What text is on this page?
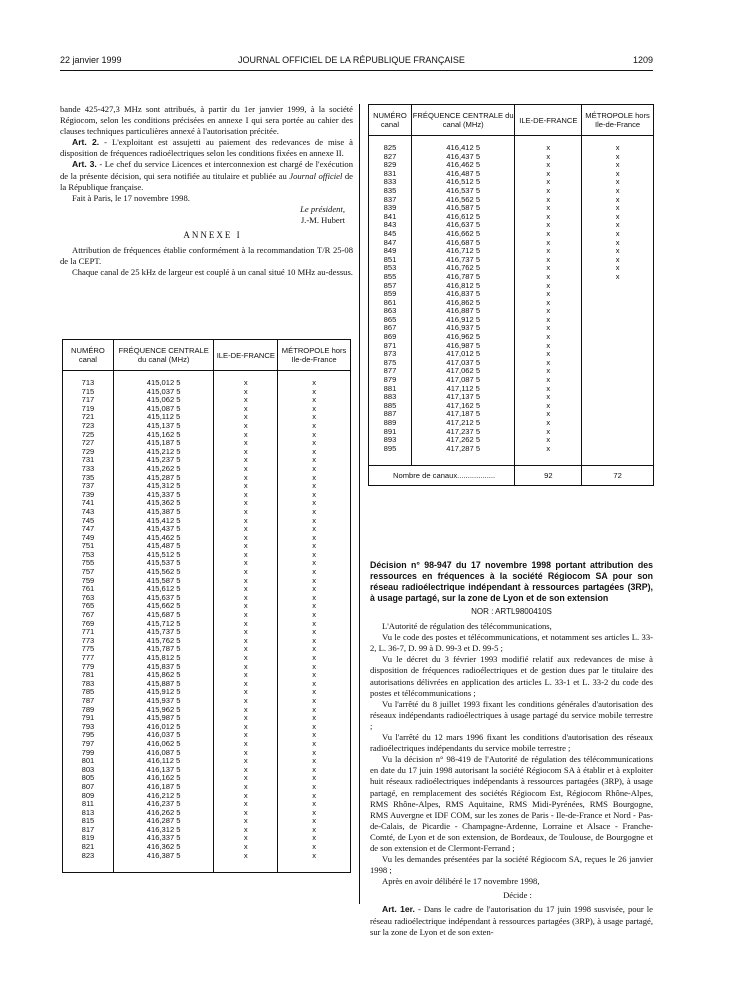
22 janvier 1999	JOURNAL OFFICIEL DE LA RÉPUBLIQUE FRANÇAISE	1209

bande 425-427,3 MHz sont attribués, à partir du 1er janvier 1999, à la société Régiocom, selon les conditions précisées en annexe I qui sera portée au cahier des clauses techniques particulières annexé à l'autorisation précitée.

Art. 2. - L'exploitant est assujetti au paiement des redevances de mise à disposition de fréquences radioélectriques selon les conditions fixées en annexe II.

Art. 3. - Le chef du service Licences et interconnexion est chargé de l'exécution de la présente décision, qui sera notifiée au titulaire et publiée au Journal officiel de la République française.

Fait à Paris, le 17 novembre 1998.

Le président,

J.-M. Hubert

ANNEXE I

Attribution de fréquences établie conformément à la recommandation T/R 25-08 de la CEPT.

Chaque canal de 25 kHz de largeur est couplé à un canal situé 10 MHz au-dessus.

NUMÉRO canal	FRÉQUENCE CENTRALE du canal (MHz)	ILE-DE-FRANCE	MÉTROPOLE hors Ile-de-France

713	415,012 5	x	x
715	415,037 5	x	x
717	415,062 5	x	x
719	415,087 5	x	x
721	415,112 5	x	x
723	415,137 5	x	x
725	415,162 5	x	x
727	415,187 5	x	x
729	415,212 5	x	x
731	415,237 5	x	x
733	415,262 5	x	x
735	415,287 5	x	x
737	415,312 5	x	x
739	415,337 5	x	x
741	415,362 5	x	x
743	415,387 5	x	x
745	415,412 5	x	x
747	415,437 5	x	x
749	415,462 5	x	x
751	415,487 5	x	x
753	415,512 5	x	x
755	415,537 5	x	x
757	415,562 5	x	x
759	415,587 5	x	x
761	415,612 5	x	x
763	415,637 5	x	x
765	415,662 5	x	x
767	415,687 5	x	x
769	415,712 5	x	x
771	415,737 5	x	x
773	415,762 5	x	x
775	415,787 5	x	x
777	415,812 5	x	x
779	415,837 5	x	x
781	415,862 5	x	x
783	415,887 5	x	x
785	415,912 5	x	x
787	415,937 5	x	x
789	415,962 5	x	x
791	415,987 5	x	x
793	416,012 5	x	x
795	416,037 5	x	x
797	416,062 5	x	x
799	416,087 5	x	x
801	416,112 5	x	x
803	416,137 5	x	x
805	416,162 5	x	x
807	416,187 5	x	x
809	416,212 5	x	x
811	416,237 5	x	x
813	416,262 5	x	x
815	416,287 5	x	x
817	416,312 5	x	x
819	416,337 5	x	x
821	416,362 5	x	x
823	416,387 5	x	x

NUMÉRO canal	FRÉQUENCE CENTRALE du canal (MHz)	ILE-DE-FRANCE	MÉTROPOLE hors Ile-de-France

825	416,412 5	x	x
827	416,437 5	x	x
829	416,462 5	x	x
831	416,487 5	x	x
833	416,512 5	x	x
835	416,537 5	x	x
837	416,562 5	x	x
839	416,587 5	x	x
841	416,612 5	x	x
843	416,637 5	x	x
845	416,662 5	x	x
847	416,687 5	x	x
849	416,712 5	x	x
851	416,737 5	x	x
853	416,762 5	x	x
855	416,787 5	x	x
857	416,812 5	x	
859	416,837 5	x	
861	416,862 5	x	
863	416,887 5	x	
865	416,912 5	x	
867	416,937 5	x	
869	416,962 5	x	
871	416,987 5	x	
873	417,012 5	x	
875	417,037 5	x	
877	417,062 5	x	
879	417,087 5	x	
881	417,112 5	x	
883	417,137 5	x	
885	417,162 5	x	
887	417,187 5	x	
889	417,212 5	x	
891	417,237 5	x	
893	417,262 5	x	
895	417,287 5	x	

Nombre de canaux..................		92	72
Décision n° 98-947 du 17 novembre 1998 portant attribution des ressources en fréquences à la société Régiocom SA pour son réseau radioélectrique indépendant à ressources partagées (3RP), à usage partagé, sur la zone de Lyon et de son extension
NOR : ARTL9800410S

L'Autorité de régulation des télécommunications,

Vu le code des postes et télécommunications, et notamment ses articles L. 33-2, L. 36-7, D. 99 à D. 99-3 et D. 99-5 ;

Vu le décret du 3 février 1993 modifié relatif aux redevances de mise à disposition de fréquences radioélectriques et de gestion dues par le titulaire des autorisations délivrées en application des articles L. 33-1 et L. 33-2 du code des postes et télécommunications ;

Vu l'arrêté du 8 juillet 1993 fixant les conditions générales d'autorisation des réseaux indépendants radioélectriques à usage partagé du service mobile terrestre ;

Vu l'arrêté du 12 mars 1996 fixant les conditions d'autorisation des réseaux radioélectriques indépendants du service mobile terrestre ;

Vu la décision n° 98-419 de l'Autorité de régulation des télécommunications en date du 17 juin 1998 autorisant la société Régiocom SA à établir et à exploiter huit réseaux radioélectriques indépendants à ressources partagées (3RP), à usage partagé, en remplacement des sociétés Régiocom Est, Régiocom Rhône-Alpes, RMS Rhône-Alpes, RMS Aquitaine, RMS Midi-Pyrénées, RMS Bourgogne, RMS Auvergne et IDF COM, sur les zones de Paris - Ile-de-France et Nord - Pas-de-Calais, de Picardie - Champagne-Ardenne, Lorraine et Alsace - Franche-Comté, de Lyon et de son extension, de Bordeaux, de Toulouse, de Bourgogne et de son extension et de Clermont-Ferrand ;

Vu les demandes présentées par la société Régiocom SA, reçues le 26 janvier 1998 ;

Après en avoir délibéré le 17 novembre 1998,

Décide :

Art. 1er. - Dans le cadre de l'autorisation du 17 juin 1998 susvisée, pour le réseau radioélectrique indépendant à ressources partagées (3RP), à usage partagé, sur la zone de Lyon et de son exten-
